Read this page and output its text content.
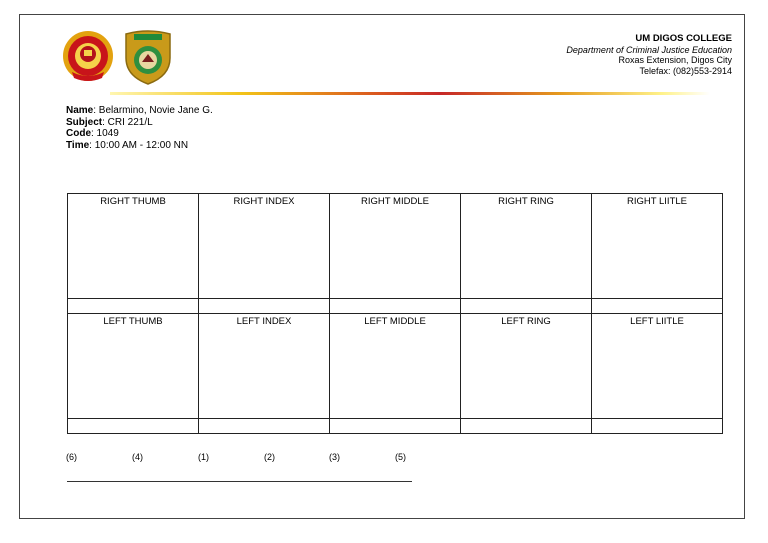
UM DIGOS COLLEGE
Department of Criminal Justice Education
Roxas Extension, Digos City
Telefax: (082)553-2914
Name: Belarmino, Novie Jane G.
Subject: CRI 221/L
Code: 1049
Time: 10:00 AM - 12:00 NN
RIGHT THUMB	RIGHT INDEX	RIGHT MIDDLE	RIGHT RING	RIGHT LIITLE

LEFT THUMB	LEFT INDEX	LEFT MIDDLE	LEFT RING	LEFT LIITLE

(6)	(4)	(1)	(2)	(3)	(5)
